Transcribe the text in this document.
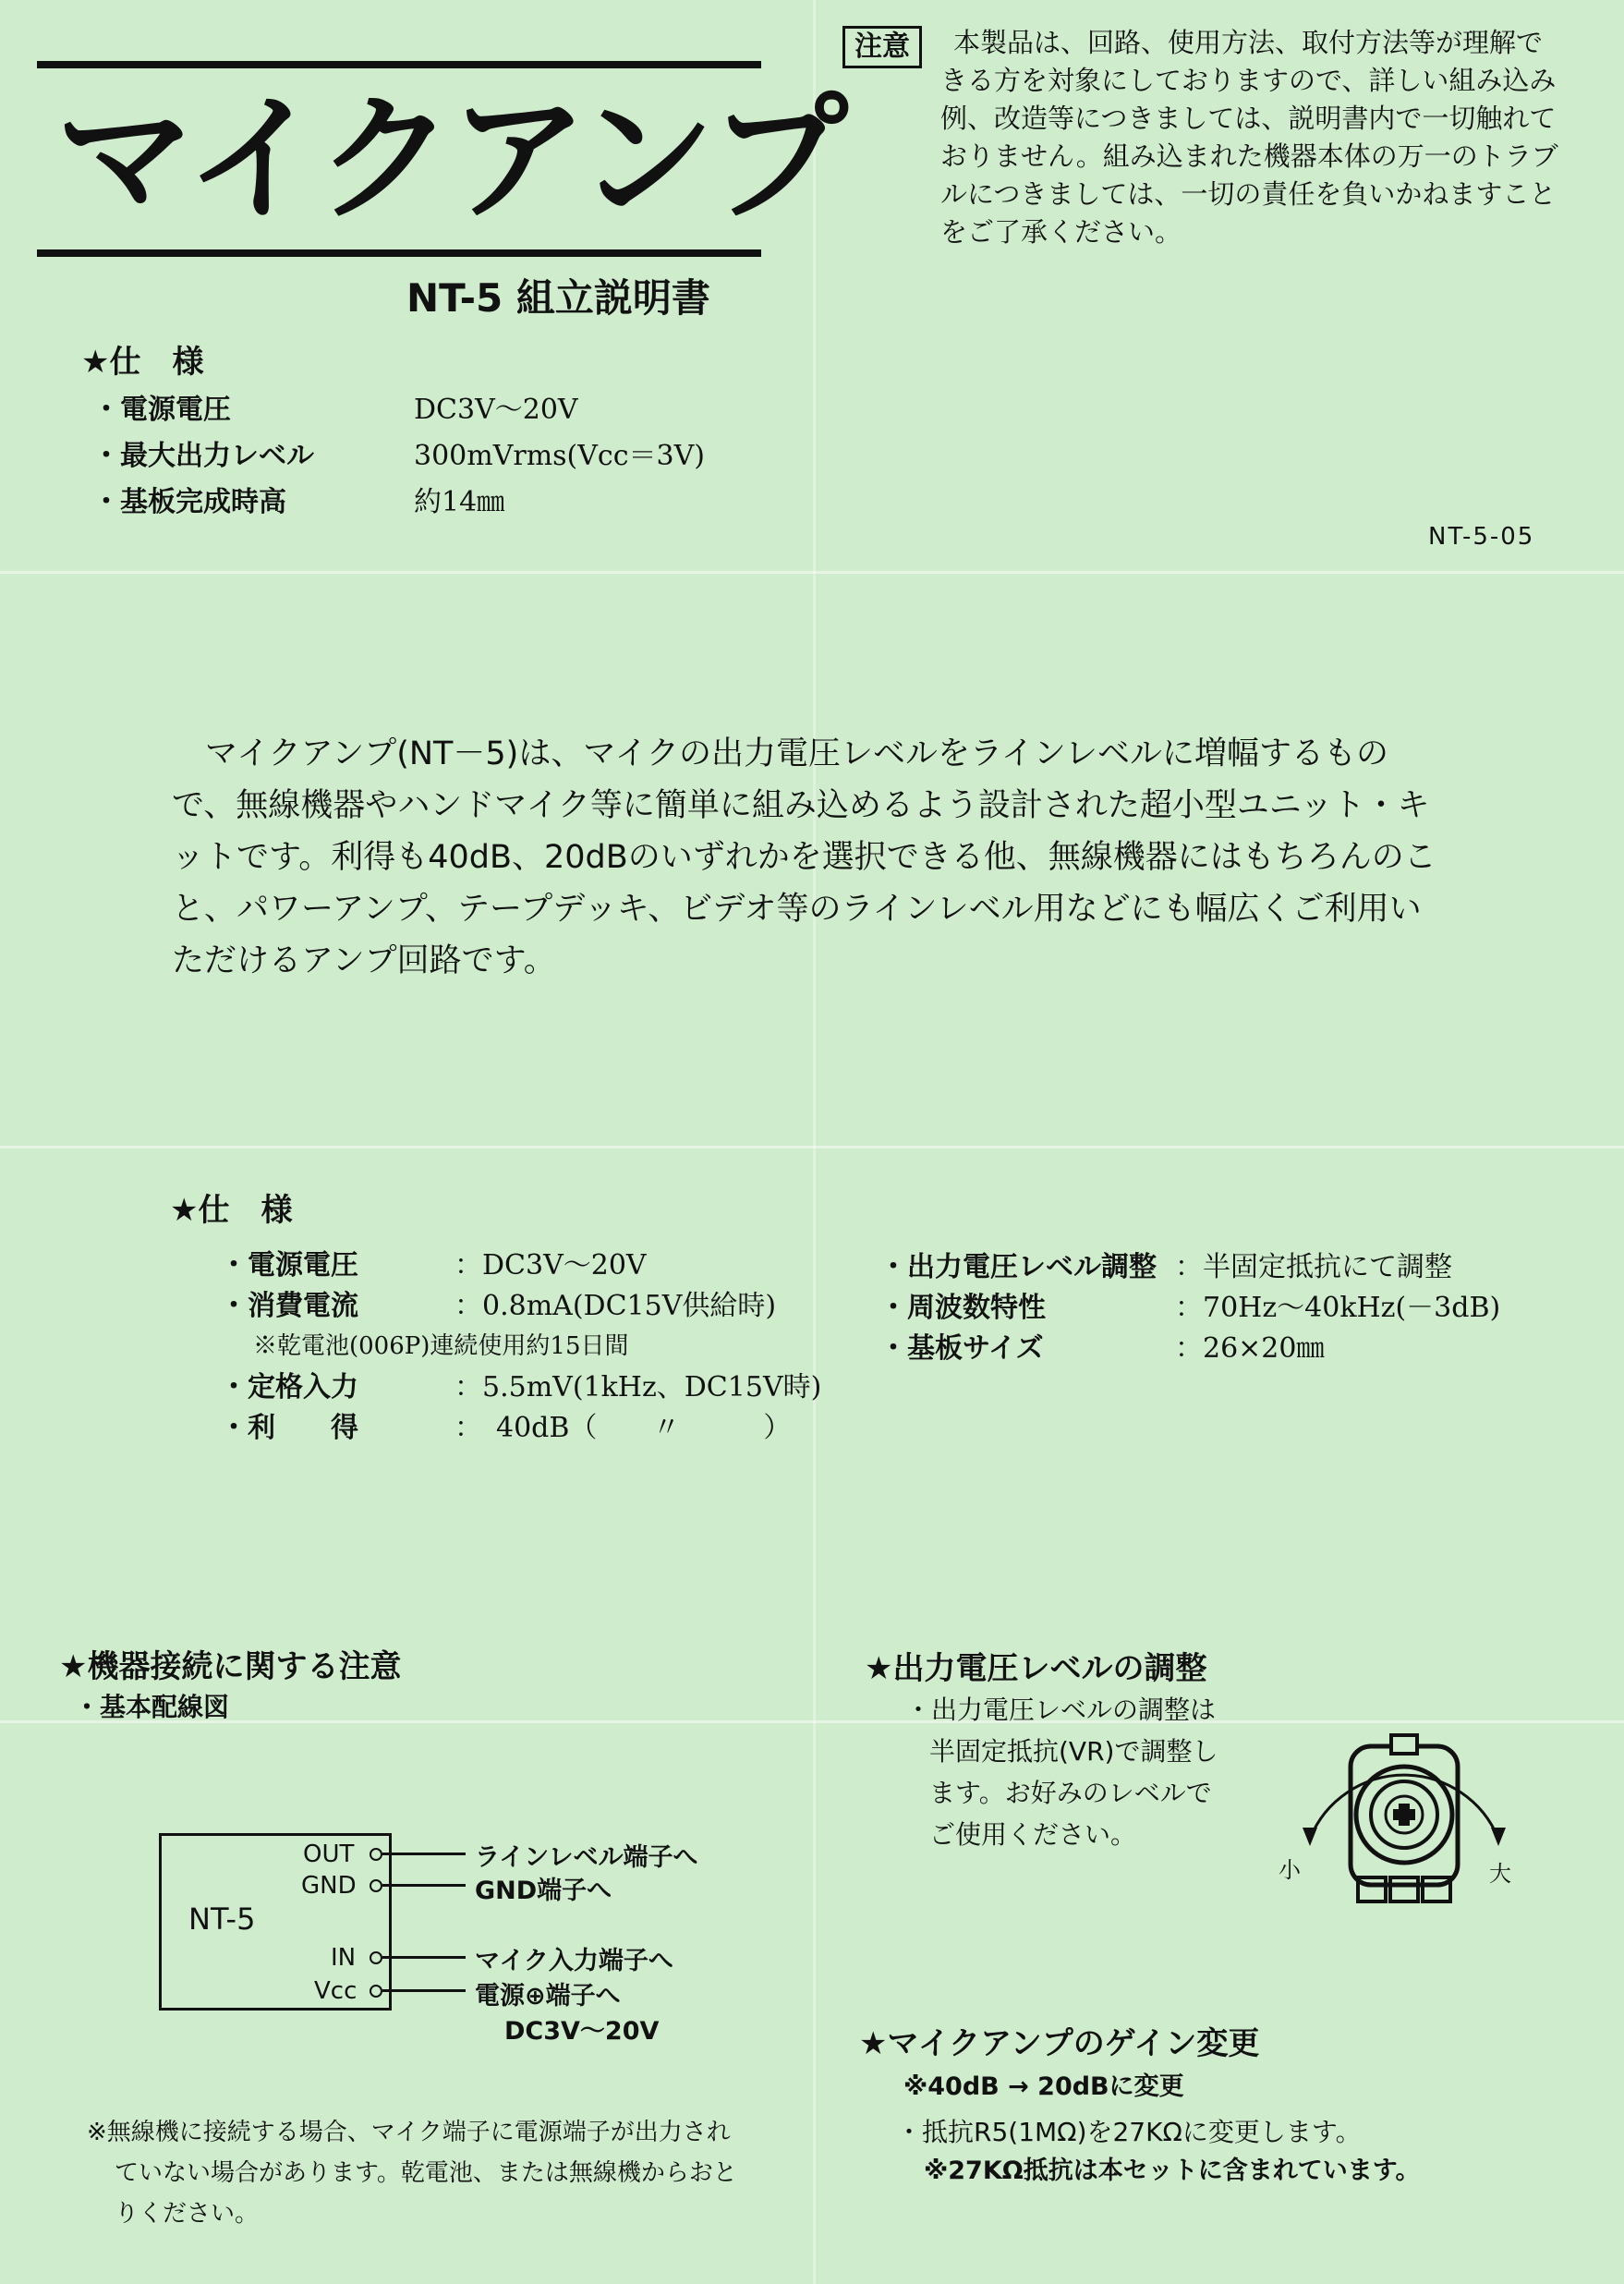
マイクアンプ
NT-5 組立説明書
注意	本製品は、回路、使用方法、取付方法等が理解できる方を対象にしておりますので、詳しい組み込み例、改造等につきましては、説明書内で一切触れておりません。組み込まれた機器本体の万一のトラブルにつきましては、一切の責任を負いかねますことをご了承ください。
★仕　様
・電源電圧	DC3V〜20V
・最大出力レベル	300mVrms(Vcc＝3V)
・基板完成時高	約14㎜
NT-5-05
マイクアンプ(NT－5)は、マイクの出力電圧レベルをラインレベルに増幅するもので、無線機器やハンドマイク等に簡単に組み込めるよう設計された超小型ユニット・キットです。利得も40dB、20dBのいずれかを選択できる他、無線機器にはもちろんのこと、パワーアンプ、テープデッキ、ビデオ等のラインレベル用などにも幅広くご利用いただけるアンプ回路です。
★仕　様
・電源電圧	：DC3V〜20V
・消費電流	：0.8mA(DC15V供給時)
※乾電池(006P)連続使用約15日間
・定格入力	：5.5mV(1kHz、DC15V時)
・利　　得	：　40dB（　　〃　　　）
・出力電圧レベル調整 ：半固定抵抗にて調整
・周波数特性	：70Hz〜40kHz(－3dB)
・基板サイズ	：26×20㎜
★機器接続に関する注意
・基本配線図
NT-5
OUT	ラインレベル端子へ
GND	GND端子へ
IN	マイク入力端子へ
Vcc	電源⊕端子へ
DC3V〜20V
※無線機に接続する場合、マイク端子に電源端子が出力されていない場合があります。乾電池、または無線機からおとりください。
★出力電圧レベルの調整
・出力電圧レベルの調整は半固定抵抗(VR)で調整します。お好みのレベルでご使用ください。
小	大
★マイクアンプのゲイン変更
※40dB → 20dBに変更
・抵抗R5(1MΩ)を27KΩに変更します。
※27KΩ抵抗は本セットに含まれています。
